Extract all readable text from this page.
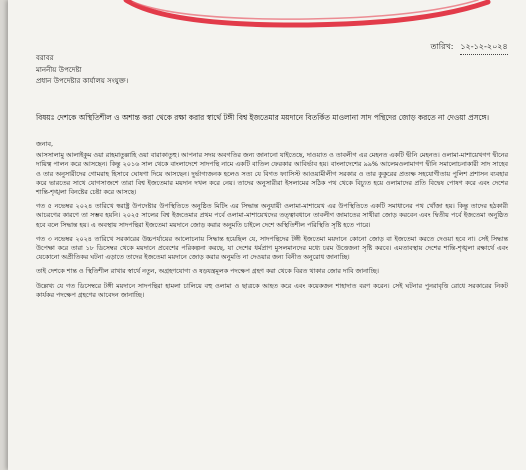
তারিখ: ১২-১২-২০২৪
বরাবর
মাননীয় উপদেষ্টা
প্রধান উপদেষ্টার কার্যালয় সংযুক্ত।
বিষয়ঃ দেশকে অস্থিতিশীল ও অশান্ত করা থেকে রক্ষা করার স্বার্থে টঙ্গী বিশ্ব ইজতেমার ময়দানে বিতর্কিত মাওলানা সাদ পন্থিদের জোড় করতে না দেওয়া প্রসঙ্গে।

জনাব,

আসসালামু আলাইকুম ওয়া রাহমাতুল্লাহি ওয়া বারাকাতুহু। আপনার সদয় অবগতির জন্য জানানো যাইতেছে, দাওয়াত ও তাবলীগ এর মেহনত একটি দ্বীনি মেহনত। ওলামা-মাশায়েখগণ দ্বীনের দায়িত্ব পালন করে আসছেন। কিন্তু ২০১৬ সাল থেকে বাংলাদেশে সাদপন্থি নামে একটি বাতিল ফেরকার আবির্ভাব হয়। বাংলাদেশের ৯৯% আলেমওলামাগণ দ্বীনি সমালোচনাকারী সাদ সাহেব ও তার অনুসারীদের গোমরাহ হিসাবে ঘোষণা দিয়ে আসছেন। দুর্ভাগ্যজনক হলেও সত্য যে বিগত ফ্যাসিস্ট আওয়ামীলীগ সরকার ও তার কুকুরের প্রত্যক্ষ সহযোগীতায় পুলিশ প্রশাসন ব্যবহার করে ভারতের সাথে যোগসাজশে তারা বিশ্ব ইজতেমার ময়দান দখল করে নেয়। তাদের অনুসারীরা ইসলামের সঠিক পথ থেকে বিচ্যুত হয়ে ওলামাদের প্রতি বিদ্বেষ পোষণ করে এবং দেশের শান্তি-শৃঙ্খলা বিনষ্টের চেষ্টা করে আসছে।

গত ৫ নভেম্বর ২০২৪ তারিখে স্বরাষ্ট্র উপদেষ্টার উপস্থিতিতে অনুষ্ঠিত মিটিং এর সিদ্ধান্ত অনুযায়ী ওলামা-মাশায়েখ এর উপস্থিতিতে একটি সমাধানের পথ খোঁজা হয়। কিন্তু তাদের হঠকারী আচরণের কারণে তা সম্ভব হয়নি। ২০২৫ সালের বিশ্ব ইজতেমার প্রথম পর্বে ওলামা-মাশায়েখদের তত্ত্বাবধানে তাবলীগ জামাতের সাথীরা জোড় করবেন এবং দ্বিতীয় পর্বে ইজতেমা অনুষ্ঠিত হবে বলে সিদ্ধান্ত হয়। এ অবস্থায় সাদপন্থিরা ইজতেমা ময়দানে জোড় করার অনুমতি চাইলে দেশে অস্থিতিশীল পরিস্থিতি সৃষ্টি হতে পারে।

গত ৩ নভেম্বর ২০২৪ তারিখে সরকারের উচ্চপর্যায়ের আলোচনায় সিদ্ধান্ত হয়েছিল যে, সাদপন্থিদের টঙ্গী ইজতেমা ময়দানে কোনো জোড় বা ইজতেমা করতে দেওয়া হবে না। সেই সিদ্ধান্ত উপেক্ষা করে তারা ১৮ ডিসেম্বর থেকে ময়দানে প্রবেশের পরিকল্পনা করছে, যা দেশের ধর্মপ্রাণ মুসলমানদের মধ্যে চরম উত্তেজনা সৃষ্টি করবে। এমতাবস্থায় দেশের শান্তি-শৃঙ্খলা রক্ষার্থে এবং যেকোনো অপ্রীতিকর ঘটনা এড়াতে তাদের ইজতেমা ময়দানে জোড় করার অনুমতি না দেওয়ার জন্য বিনীত অনুরোধ জানাচ্ছি।

তাই দেশকে শান্ত ও স্থিতিশীল রাখার স্বার্থে নতুন, অগ্রহণযোগ্য ও ষড়যন্ত্রমূলক পদক্ষেপ গ্রহণ করা থেকে বিরত থাকার জোর দাবি জানাচ্ছি।

উল্লেখ্য যে গত ডিসেম্বরে টঙ্গী ময়দানে সাদপন্থিরা হামলা চালিয়ে বহু ওলামা ও ছাত্রকে আহত করে এবং কয়েকজন শাহাদাত বরণ করেন। সেই ঘটনার পুনরাবৃত্তি রোধে সরকারের নিকট কার্যকর পদক্ষেপ গ্রহণের আবেদন জানাচ্ছি।
